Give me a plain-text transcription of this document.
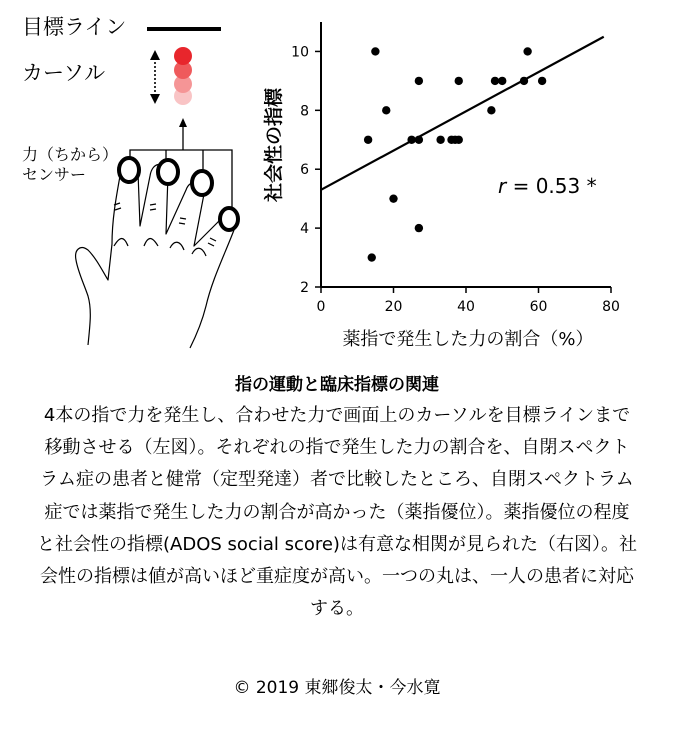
目標ライン
カーソル
力（ちから）
センサー
2
4
6
8
10
0	20	40	60	80
社会性の指標
薬指で発生した力の割合（%）
r = 0.53 *
指の運動と臨床指標の関連
4本の指で力を発生し、合わせた力で画面上のカーソルを目標ラインまで移動させる（左図）。それぞれの指で発生した力の割合を、自閉スペクトラム症の患者と健常（定型発達）者で比較したところ、自閉スペクトラム症では薬指で発生した力の割合が高かった（薬指優位）。薬指優位の程度と社会性の指標(ADOS social score)は有意な相関が見られた（右図）。社会性の指標は値が高いほど重症度が高い。一つの丸は、一人の患者に対応する。
© 2019 東郷俊太・今水寛
